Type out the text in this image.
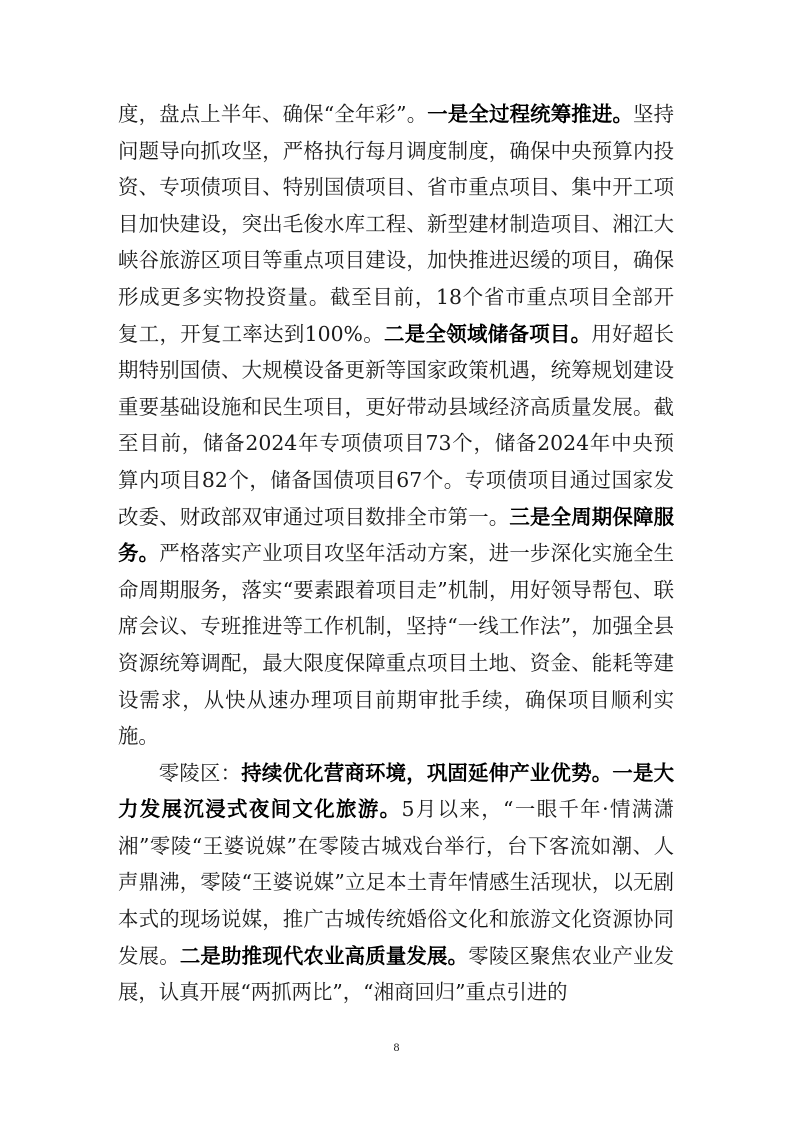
度，盘点上半年、确保“全年彩”。一是全过程统筹推进。坚持问题导向抓攻坚，严格执行每月调度制度，确保中央预算内投资、专项债项目、特别国债项目、省市重点项目、集中开工项目加快建设，突出毛俊水库工程、新型建材制造项目、湘江大峡谷旅游区项目等重点项目建设，加快推进迟缓的项目，确保形成更多实物投资量。截至目前，18个省市重点项目全部开复工，开复工率达到100%。二是全领域储备项目。用好超长期特别国债、大规模设备更新等国家政策机遇，统筹规划建设重要基础设施和民生项目，更好带动县域经济高质量发展。截至目前，储备2024年专项债项目73个，储备2024年中央预算内项目82个，储备国债项目67个。专项债项目通过国家发改委、财政部双审通过项目数排全市第一。三是全周期保障服务。严格落实产业项目攻坚年活动方案，进一步深化实施全生命周期服务，落实“要素跟着项目走”机制，用好领导帮包、联席会议、专班推进等工作机制，坚持“一线工作法”，加强全县资源统筹调配，最大限度保障重点项目土地、资金、能耗等建设需求，从快从速办理项目前期审批手续，确保项目顺利实施。

零陵区：持续优化营商环境，巩固延伸产业优势。一是大力发展沉浸式夜间文化旅游。5月以来，“一眼千年·情满潇湘”零陵“王婆说媒”在零陵古城戏台举行，台下客流如潮、人声鼎沸，零陵“王婆说媒”立足本土青年情感生活现状，以无剧本式的现场说媒，推广古城传统婚俗文化和旅游文化资源协同发展。二是助推现代农业高质量发展。零陵区聚焦农业产业发展，认真开展“两抓两比”，“湘商回归”重点引进的

8
